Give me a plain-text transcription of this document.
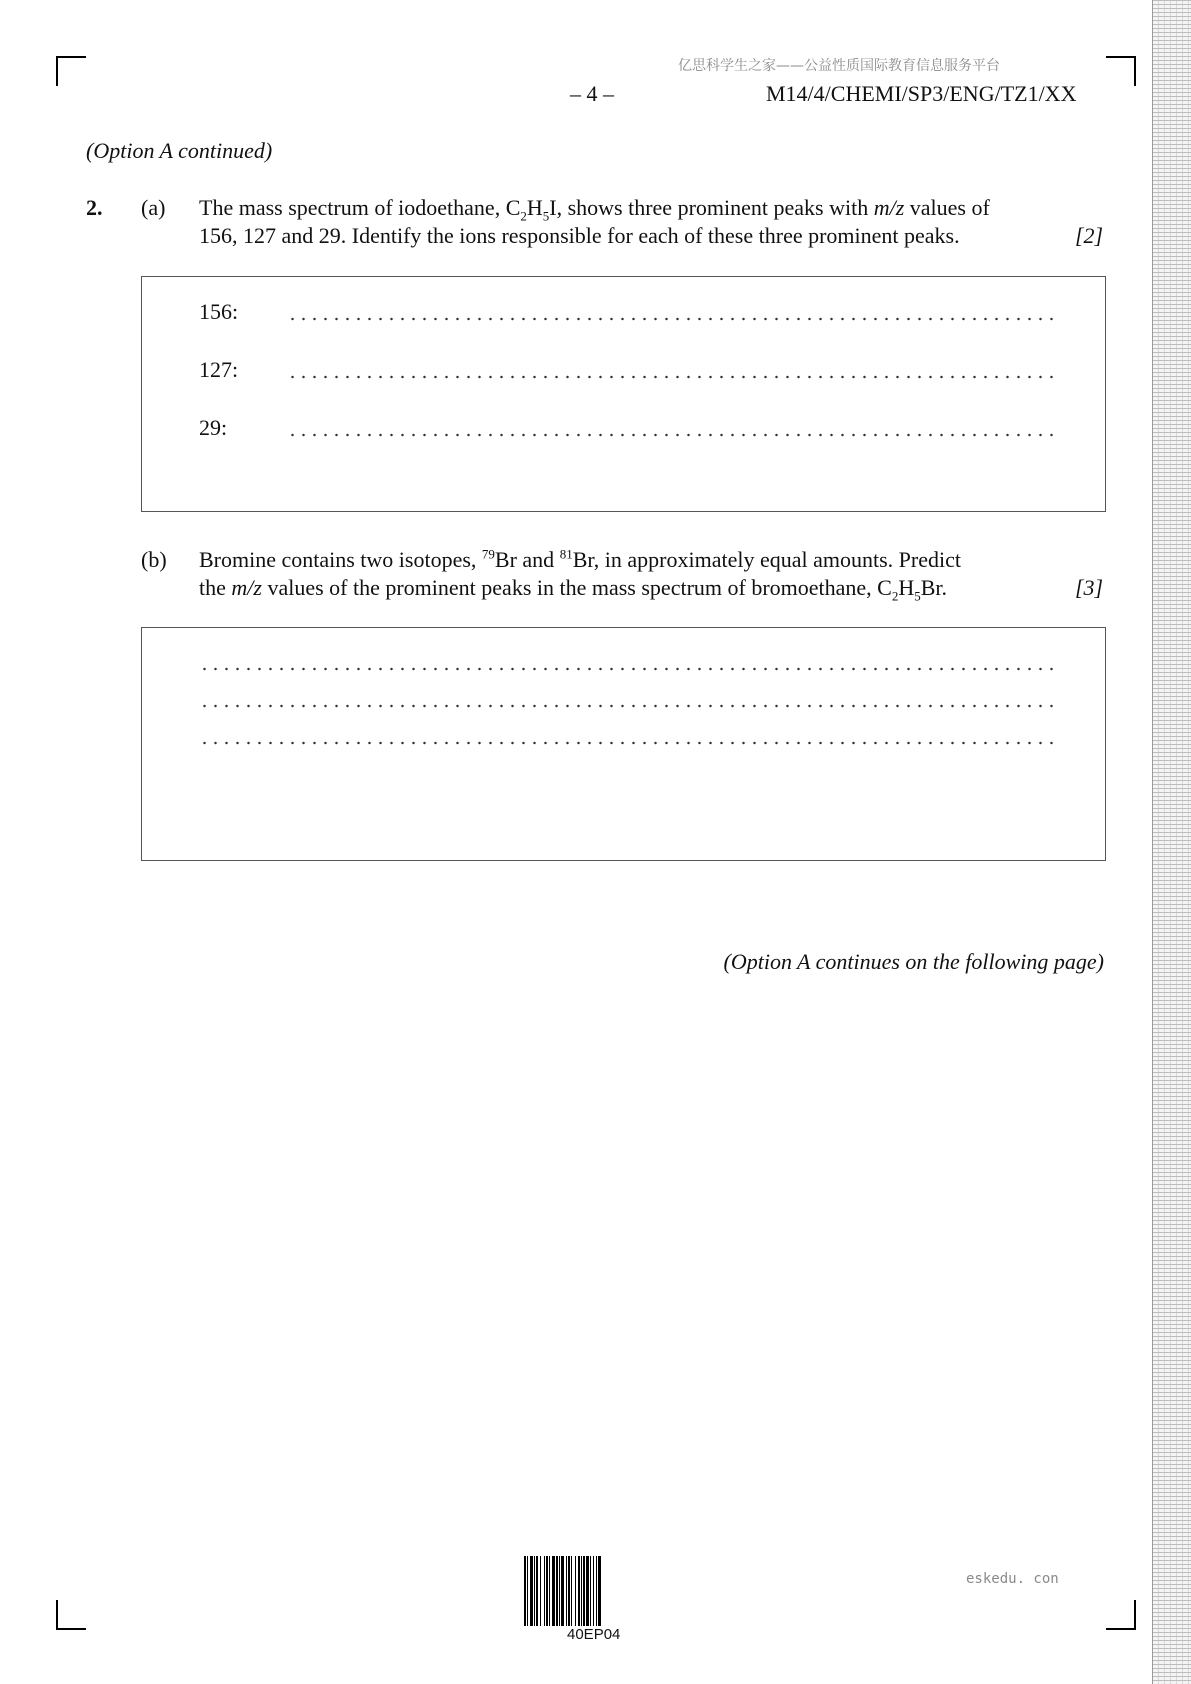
亿思科学生之家——公益性质国际教育信息服务平台
– 4 –	M14/4/CHEMI/SP3/ENG/TZ1/XX
(Option A continued)
2. (a) The mass spectrum of iodoethane, $C_2H_5I$, shows three prominent peaks with m/z values of
156, 127 and 29. Identify the ions responsible for each of these three prominent peaks.	[2]
156:
127:
29:
(b) Bromine contains two isotopes, $^{79}$Br and $^{81}$Br, in approximately equal amounts. Predict
the m/z values of the prominent peaks in the mass spectrum of bromoethane, $C_2H_5Br$.	[3]
(Option A continues on the following page)
40EP04
eskedu. con
